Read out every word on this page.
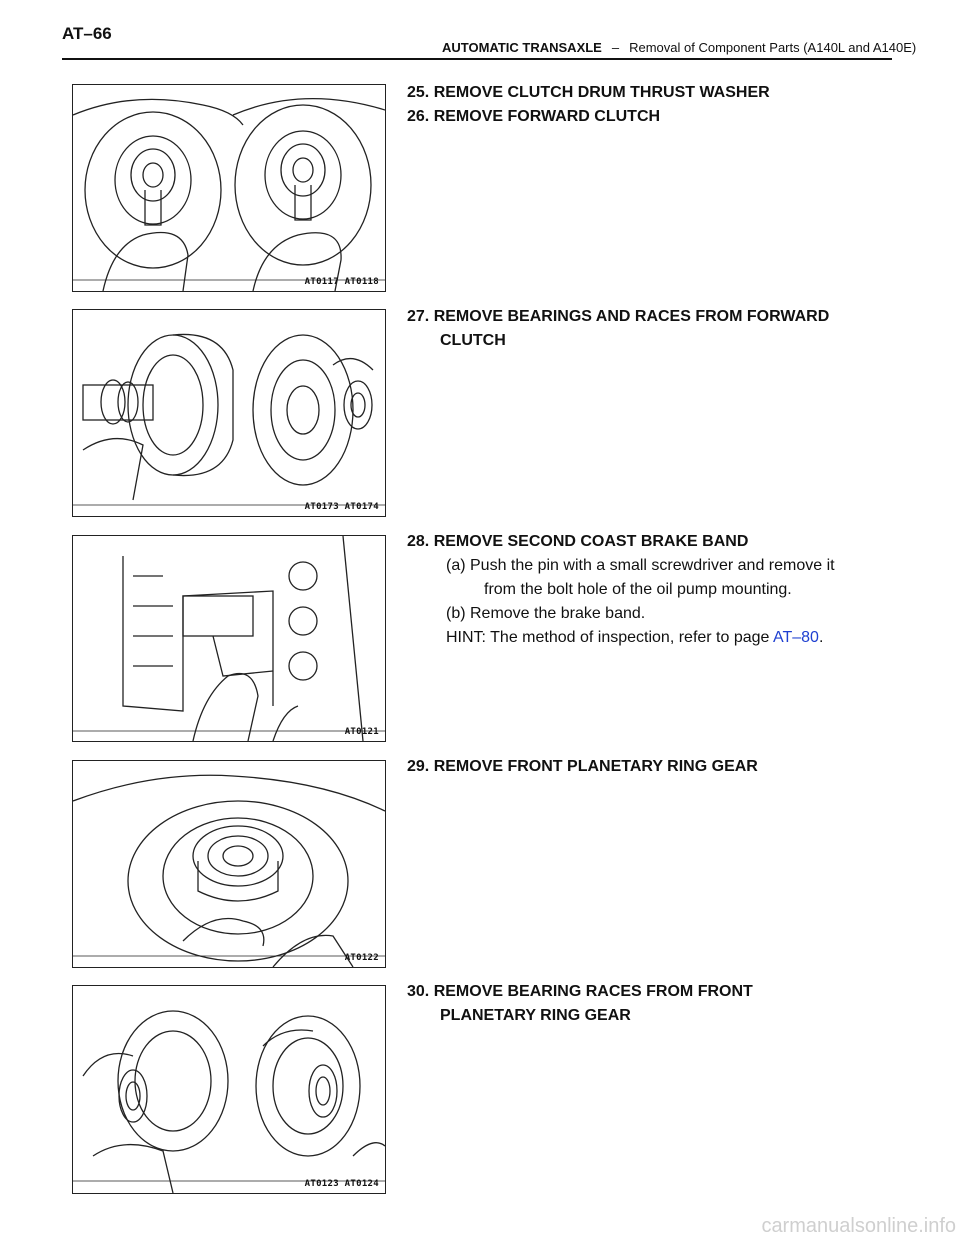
AT–66
AUTOMATIC TRANSAXLE – Removal of Component Parts (A140L and A140E)
AT0117 AT0118
AT0173 AT0174
AT0121
AT0122
AT0123 AT0124
25. REMOVE CLUTCH DRUM THRUST WASHER
26. REMOVE FORWARD CLUTCH
27. REMOVE BEARINGS AND RACES FROM FORWARD
CLUTCH
28. REMOVE SECOND COAST BRAKE BAND
(a) Push the pin with a small screwdriver and remove it
from the bolt hole of the oil pump mounting.
(b) Remove the brake band.
HINT: The method of inspection, refer to page AT–80.
29. REMOVE FRONT PLANETARY RING GEAR
30. REMOVE BEARING RACES FROM FRONT
PLANETARY RING GEAR
carmanualsonline.info
